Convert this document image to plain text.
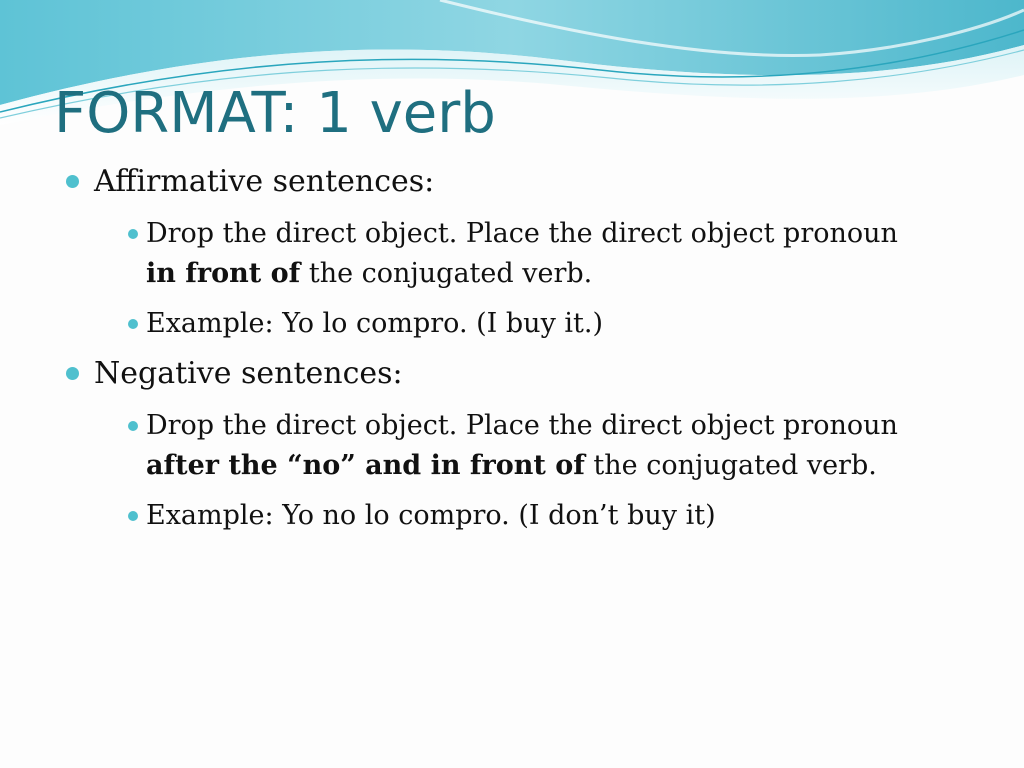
FORMAT: 1 verb
Affirmative sentences:
Drop the direct object. Place the direct object pronoun
in front of the conjugated verb.
Example: Yo lo compro. (I buy it.)
Negative sentences:
Drop the direct object. Place the direct object pronoun
after the “no” and in front of the conjugated verb.
Example: Yo no lo compro. (I don’t buy it)
